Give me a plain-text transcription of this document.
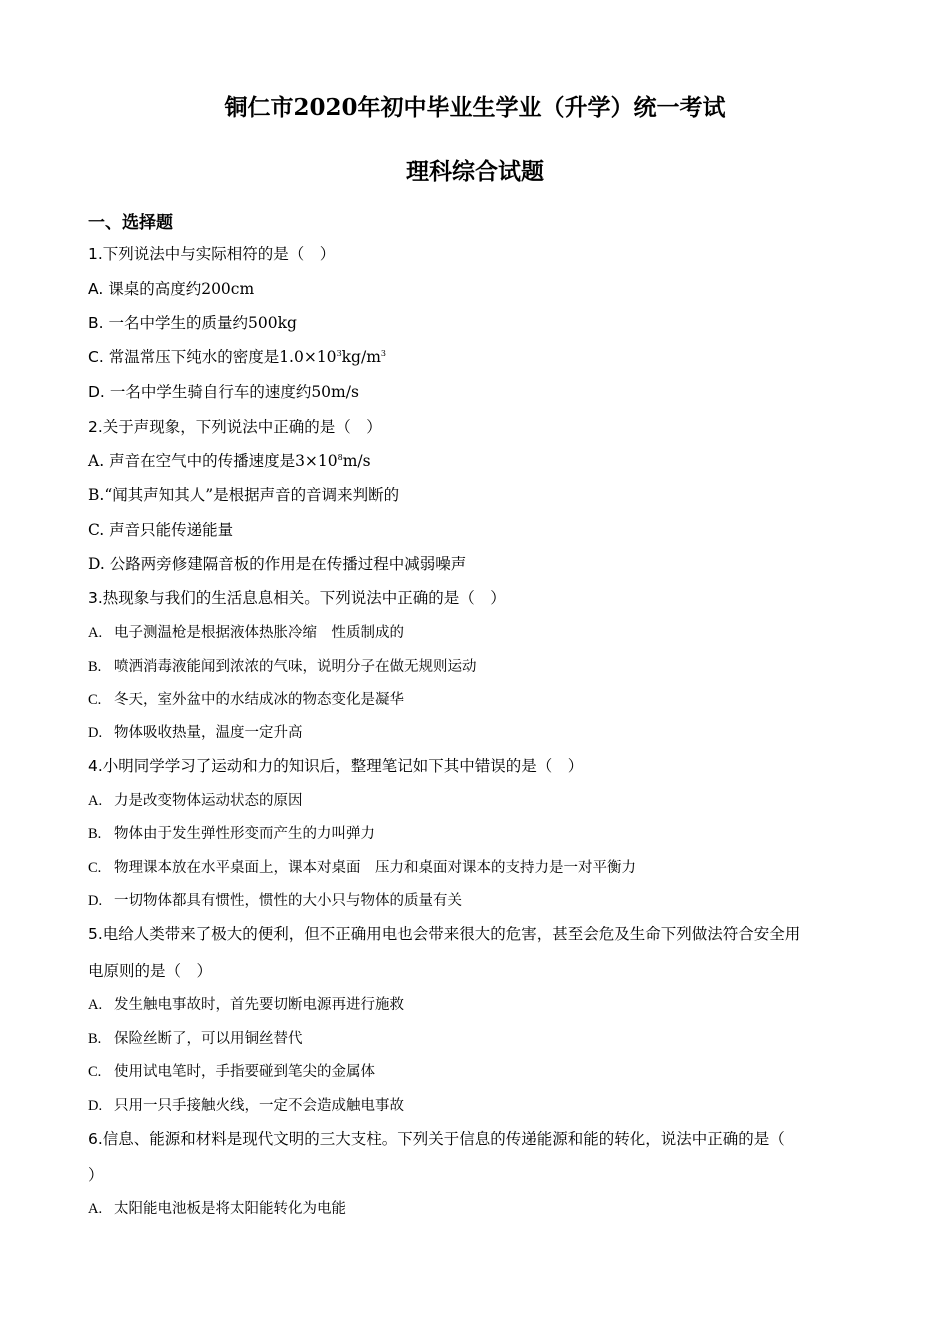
铜仁市2020年初中毕业生学业（升学）统一考试
理科综合试题
一、选择题
1.下列说法中与实际相符的是（　）
A. 课桌的高度约200cm
B. 一名中学生的质量约500kg
C. 常温常压下纯水的密度是$1.0\times 10^3kg/m^3$
D. 一名中学生骑自行车的速度约50m/s
2.关于声现象，下列说法中正确的是（　）
A. 声音在空气中的传播速度是$3\times 10^8m/s$
B.“闻其声知其人”是根据声音的音调来判断的
C. 声音只能传递能量
D. 公路两旁修建隔音板的作用是在传播过程中减弱噪声
3.热现象与我们的生活息息相关。下列说法中正确的是（　）
A. 电子测温枪是根据液体热胀冷缩　性质制成的
B. 喷洒消毒液能闻到浓浓的气味，说明分子在做无规则运动
C. 冬天，室外盆中的水结成冰的物态变化是凝华
D. 物体吸收热量，温度一定升高
4.小明同学学习了运动和力的知识后，整理笔记如下其中错误的是（　）
A. 力是改变物体运动状态的原因
B. 物体由于发生弹性形变而产生的力叫弹力
C. 物理课本放在水平桌面上，课本对桌面　压力和桌面对课本的支持力是一对平衡力
D. 一切物体都具有惯性，惯性的大小只与物体的质量有关
5.电给人类带来了极大的便利，但不正确用电也会带来很大的危害，甚至会危及生命下列做法符合安全用
电原则的是（　）
A. 发生触电事故时，首先要切断电源再进行施救
B. 保险丝断了，可以用铜丝替代
C. 使用试电笔时，手指要碰到笔尖的金属体
D. 只用一只手接触火线，一定不会造成触电事故
6.信息、能源和材料是现代文明的三大支柱。下列关于信息的传递能源和能的转化，说法中正确的是（
）
A. 太阳能电池板是将太阳能转化为电能
